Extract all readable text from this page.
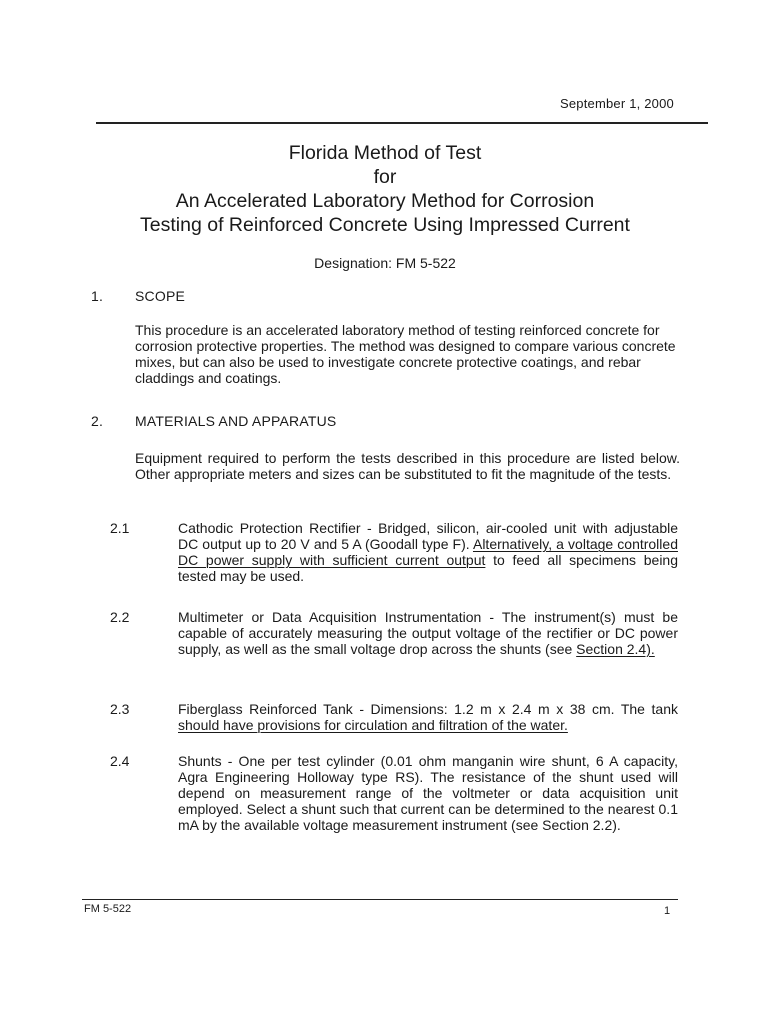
September 1, 2000
Florida Method of Test
for
An Accelerated Laboratory Method for Corrosion
Testing of Reinforced Concrete Using Impressed Current
Designation: FM 5-522
1. SCOPE
This procedure is an accelerated laboratory method of testing reinforced concrete for corrosion protective properties. The method was designed to compare various concrete mixes, but can also be used to investigate concrete protective coatings, and rebar claddings and coatings.
2. MATERIALS AND APPARATUS
Equipment required to perform the tests described in this procedure are listed below. Other appropriate meters and sizes can be substituted to fit the magnitude of the tests.
2.1	Cathodic Protection Rectifier - Bridged, silicon, air-cooled unit with adjustable DC output up to 20 V and 5 A (Goodall type F). Alternatively, a voltage controlled DC power supply with sufficient current output to feed all specimens being tested may be used.
2.2	Multimeter or Data Acquisition Instrumentation - The instrument(s) must be capable of accurately measuring the output voltage of the rectifier or DC power supply, as well as the small voltage drop across the shunts (see Section 2.4).
2.3	Fiberglass Reinforced Tank - Dimensions: 1.2 m x 2.4 m x 38 cm. The tank should have provisions for circulation and filtration of the water.
2.4	Shunts - One per test cylinder (0.01 ohm manganin wire shunt, 6 A capacity, Agra Engineering Holloway type RS). The resistance of the shunt used will depend on measurement range of the voltmeter or data acquisition unit employed. Select a shunt such that current can be determined to the nearest 0.1 mA by the available voltage measurement instrument (see Section 2.2).
FM 5-522	1
